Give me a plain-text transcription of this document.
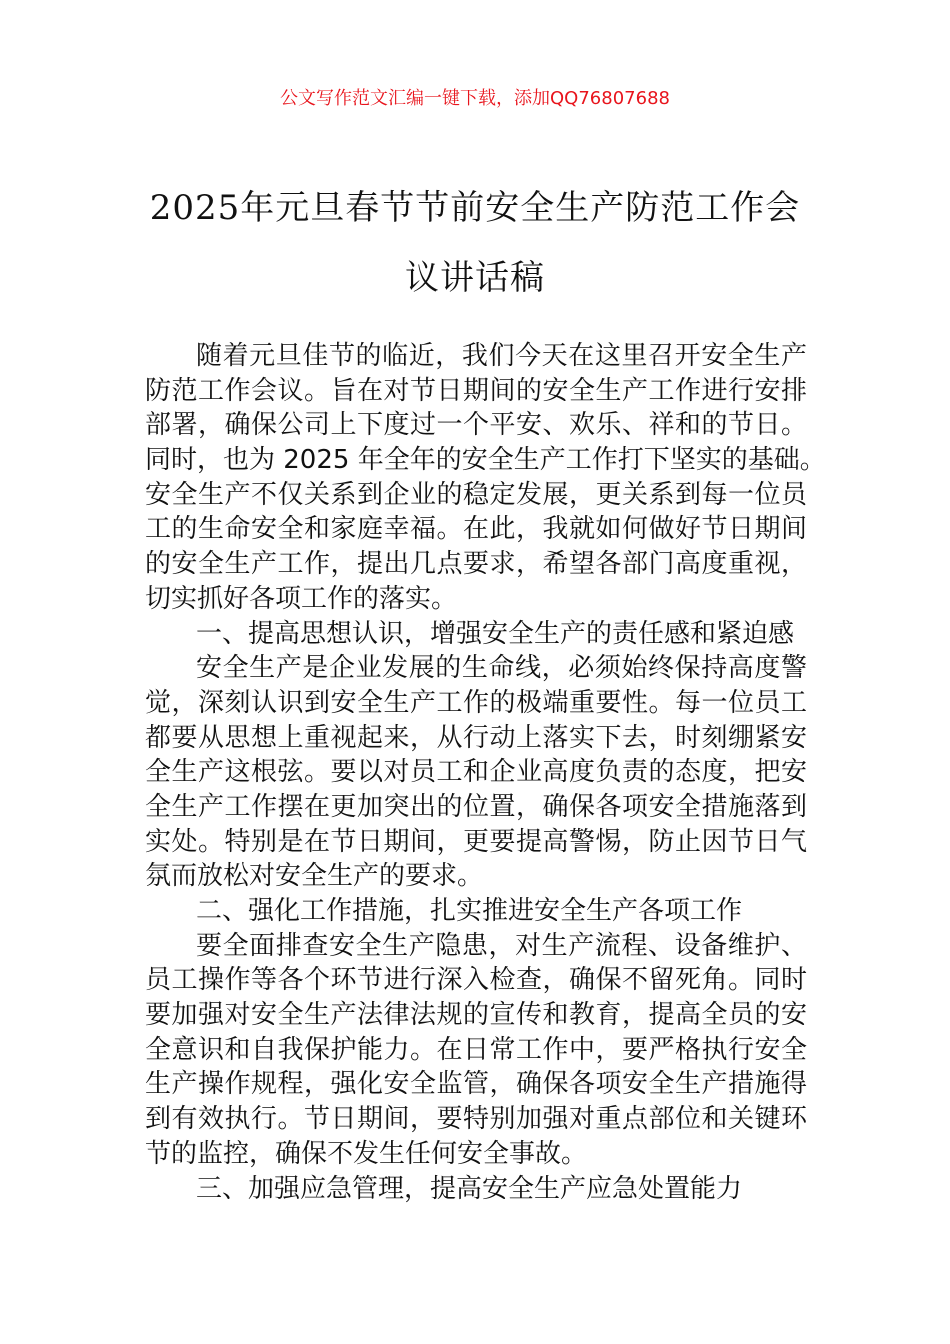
公文写作范文汇编一键下载，添加QQ76807688
2025年元旦春节节前安全生产防范工作会
议讲话稿
随着元旦佳节的临近，我们今天在这里召开安全生产
防范工作会议。旨在对节日期间的安全生产工作进行安排
部署，确保公司上下度过一个平安、欢乐、祥和的节日。
同时，也为 2025 年全年的安全生产工作打下坚实的基础。
安全生产不仅关系到企业的稳定发展，更关系到每一位员
工的生命安全和家庭幸福。在此，我就如何做好节日期间
的安全生产工作，提出几点要求，希望各部门高度重视，
切实抓好各项工作的落实。
一、提高思想认识，增强安全生产的责任感和紧迫感
安全生产是企业发展的生命线，必须始终保持高度警
觉，深刻认识到安全生产工作的极端重要性。每一位员工
都要从思想上重视起来，从行动上落实下去，时刻绷紧安
全生产这根弦。要以对员工和企业高度负责的态度，把安
全生产工作摆在更加突出的位置，确保各项安全措施落到
实处。特别是在节日期间，更要提高警惕，防止因节日气
氛而放松对安全生产的要求。
二、强化工作措施，扎实推进安全生产各项工作
要全面排查安全生产隐患，对生产流程、设备维护、
员工操作等各个环节进行深入检查，确保不留死角。同时
要加强对安全生产法律法规的宣传和教育，提高全员的安
全意识和自我保护能力。在日常工作中，要严格执行安全
生产操作规程，强化安全监管，确保各项安全生产措施得
到有效执行。节日期间，要特别加强对重点部位和关键环
节的监控，确保不发生任何安全事故。
三、加强应急管理，提高安全生产应急处置能力
